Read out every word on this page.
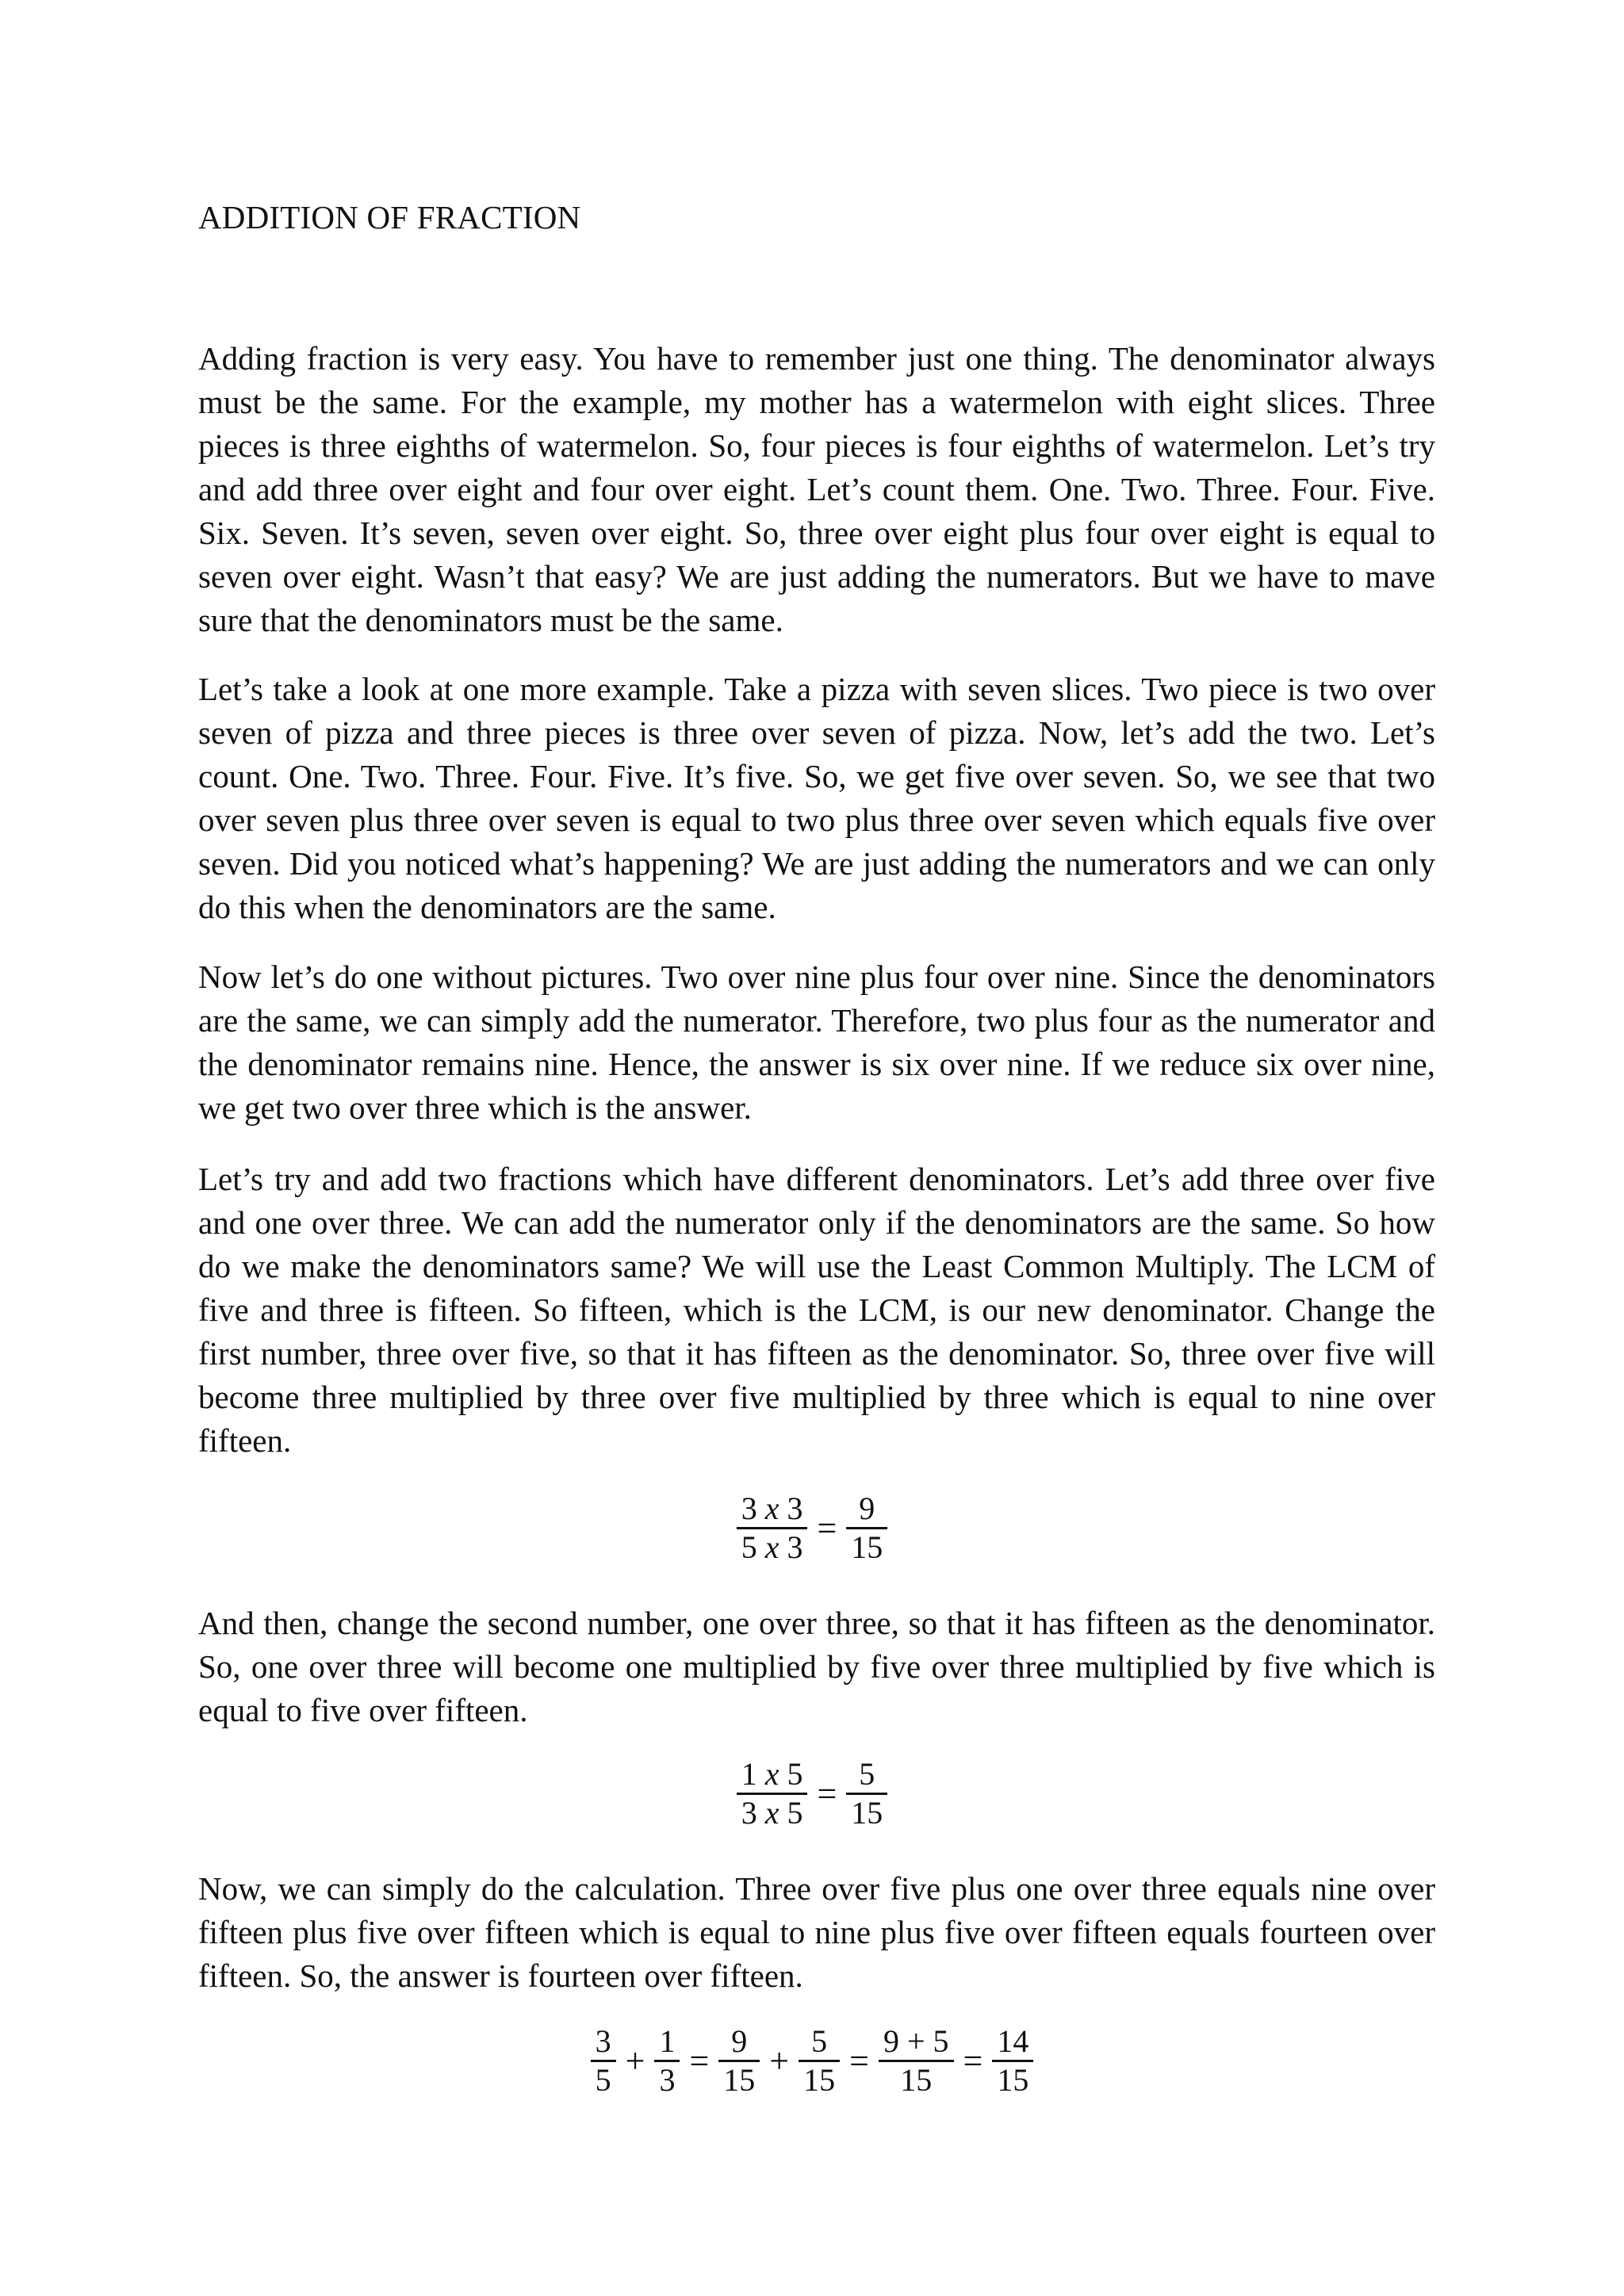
ADDITION OF FRACTION

Adding fraction is very easy. You have to remember just one thing. The denominator always must be the same. For the example, my mother has a watermelon with eight slices. Three pieces is three eighths of watermelon. So, four pieces is four eighths of watermelon. Let’s try and add three over eight and four over eight. Let’s count them. One. Two. Three. Four. Five. Six. Seven. It’s seven, seven over eight. So, three over eight plus four over eight is equal to seven over eight. Wasn’t that easy? We are just adding the numerators. But we have to mave sure that the denominators must be the same.

Let’s take a look at one more example. Take a pizza with seven slices. Two piece is two over seven of pizza and three pieces is three over seven of pizza. Now, let’s add the two. Let’s count. One. Two. Three. Four. Five. It’s five. So, we get five over seven. So, we see that two over seven plus three over seven is equal to two plus three over seven which equals five over seven. Did you noticed what’s happening? We are just adding the numerators and we can only do this when the denominators are the same.

Now let’s do one without pictures. Two over nine plus four over nine. Since the denominators are the same, we can simply add the numerator. Therefore, two plus four as the numerator and the denominator remains nine. Hence, the answer is six over nine. If we reduce six over nine, we get two over three which is the answer.

Let’s try and add two fractions which have different denominators. Let’s add three over five and one over three. We can add the numerator only if the denominators are the same. So how do we make the denominators same? We will use the Least Common Multiply. The LCM of five and three is fifteen. So fifteen, which is the LCM, is our new denominator. Change the first number, three over five, so that it has fifteen as the denominator. So, three over five will become three multiplied by three over five multiplied by three which is equal to nine over fifteen.

$\frac{3 x 3}{5 x 3} = \frac{9}{15}$

And then, change the second number, one over three, so that it has fifteen as the denominator. So, one over three will become one multiplied by five over three multiplied by five which is equal to five over fifteen.

$\frac{1 x 5}{3 x 5} = \frac{5}{15}$

Now, we can simply do the calculation. Three over five plus one over three equals nine over fifteen plus five over fifteen which is equal to nine plus five over fifteen equals fourteen over fifteen. So, the answer is fourteen over fifteen.

$\frac{3}{5} + \frac{1}{3} = \frac{9}{15} + \frac{5}{15} = \frac{9 + 5}{15} = \frac{14}{15}$
